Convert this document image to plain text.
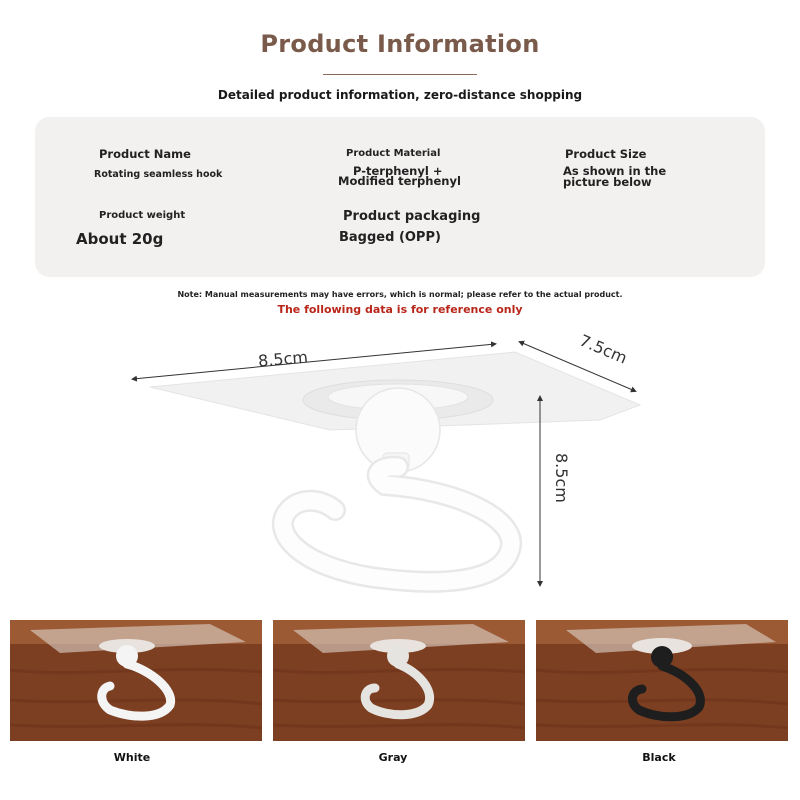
Product Information
Detailed product information, zero-distance shopping
Product Name
Rotating seamless hook
Product Material
P-terphenyl +
Modified terphenyl
Product Size
As shown in the
picture below
Product weight
About 20g
Product packaging
Bagged (OPP)
Note: Manual measurements may have errors, which is normal; please refer to the actual product.
The following data is for reference only
8.5cm	7.5cm
8.5cm
White	Gray	Black
